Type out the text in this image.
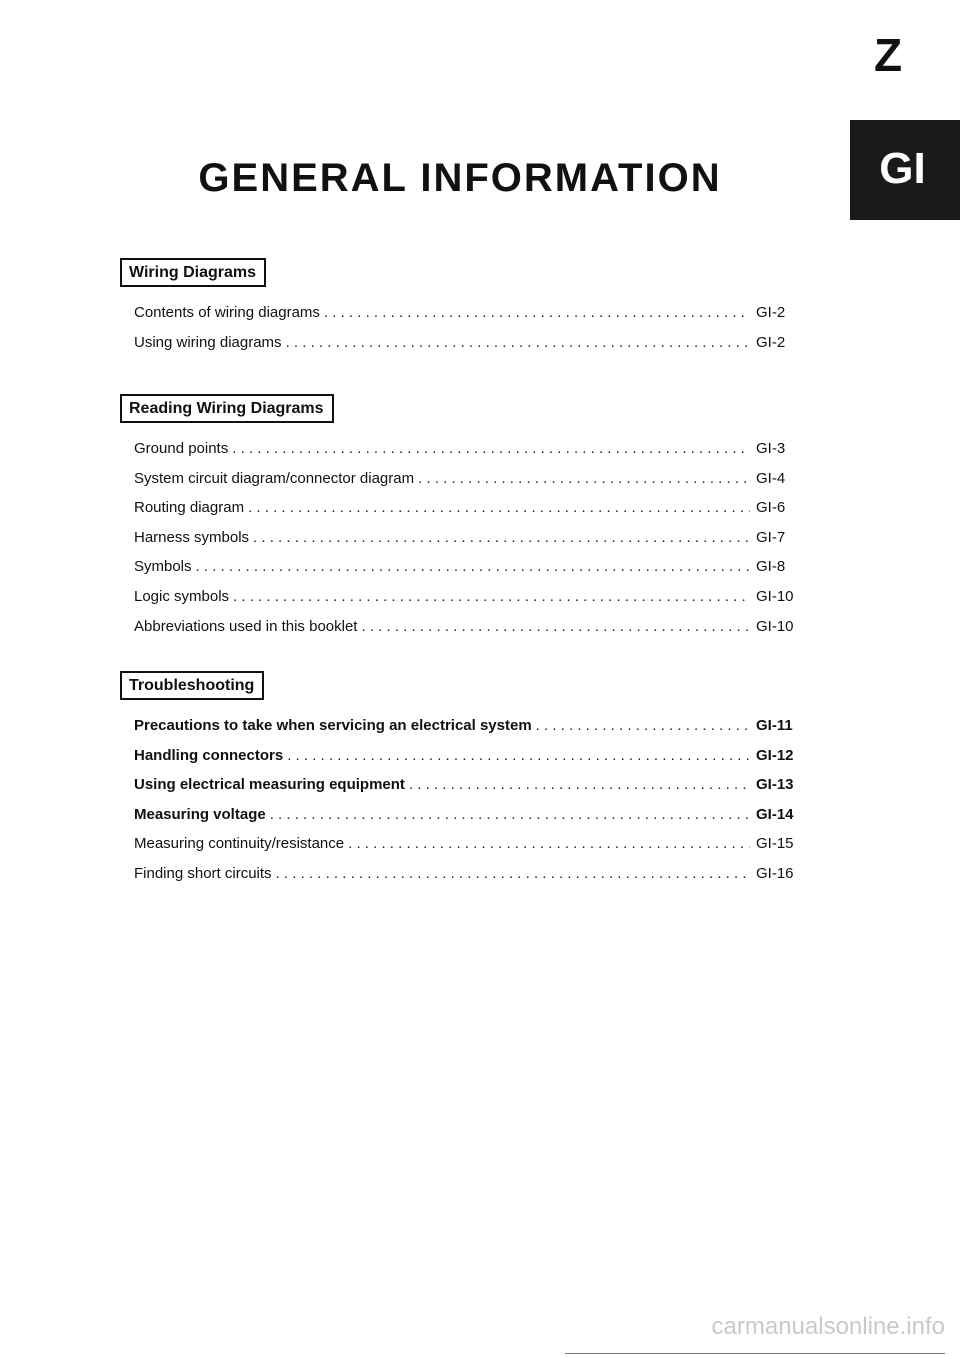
Z
GI
GENERAL INFORMATION
Wiring Diagrams
Contents of wiring diagrams . . .	GI-2
Using wiring diagrams . . .	GI-2
Reading Wiring Diagrams
Ground points . . .	GI-3
System circuit diagram/connector diagram . . .	GI-4
Routing diagram . . .	GI-6
Harness symbols . . .	GI-7
Symbols . . .	GI-8
Logic symbols . . .	GI-10
Abbreviations used in this booklet . . .	GI-10
Troubleshooting
Precautions to take when servicing an electrical system . . .	GI-11
Handling connectors . . .	GI-12
Using electrical measuring equipment . . .	GI-13
Measuring voltage . . .	GI-14
Measuring continuity/resistance . . .	GI-15
Finding short circuits . . .	GI-16
carmanualsonline.info
